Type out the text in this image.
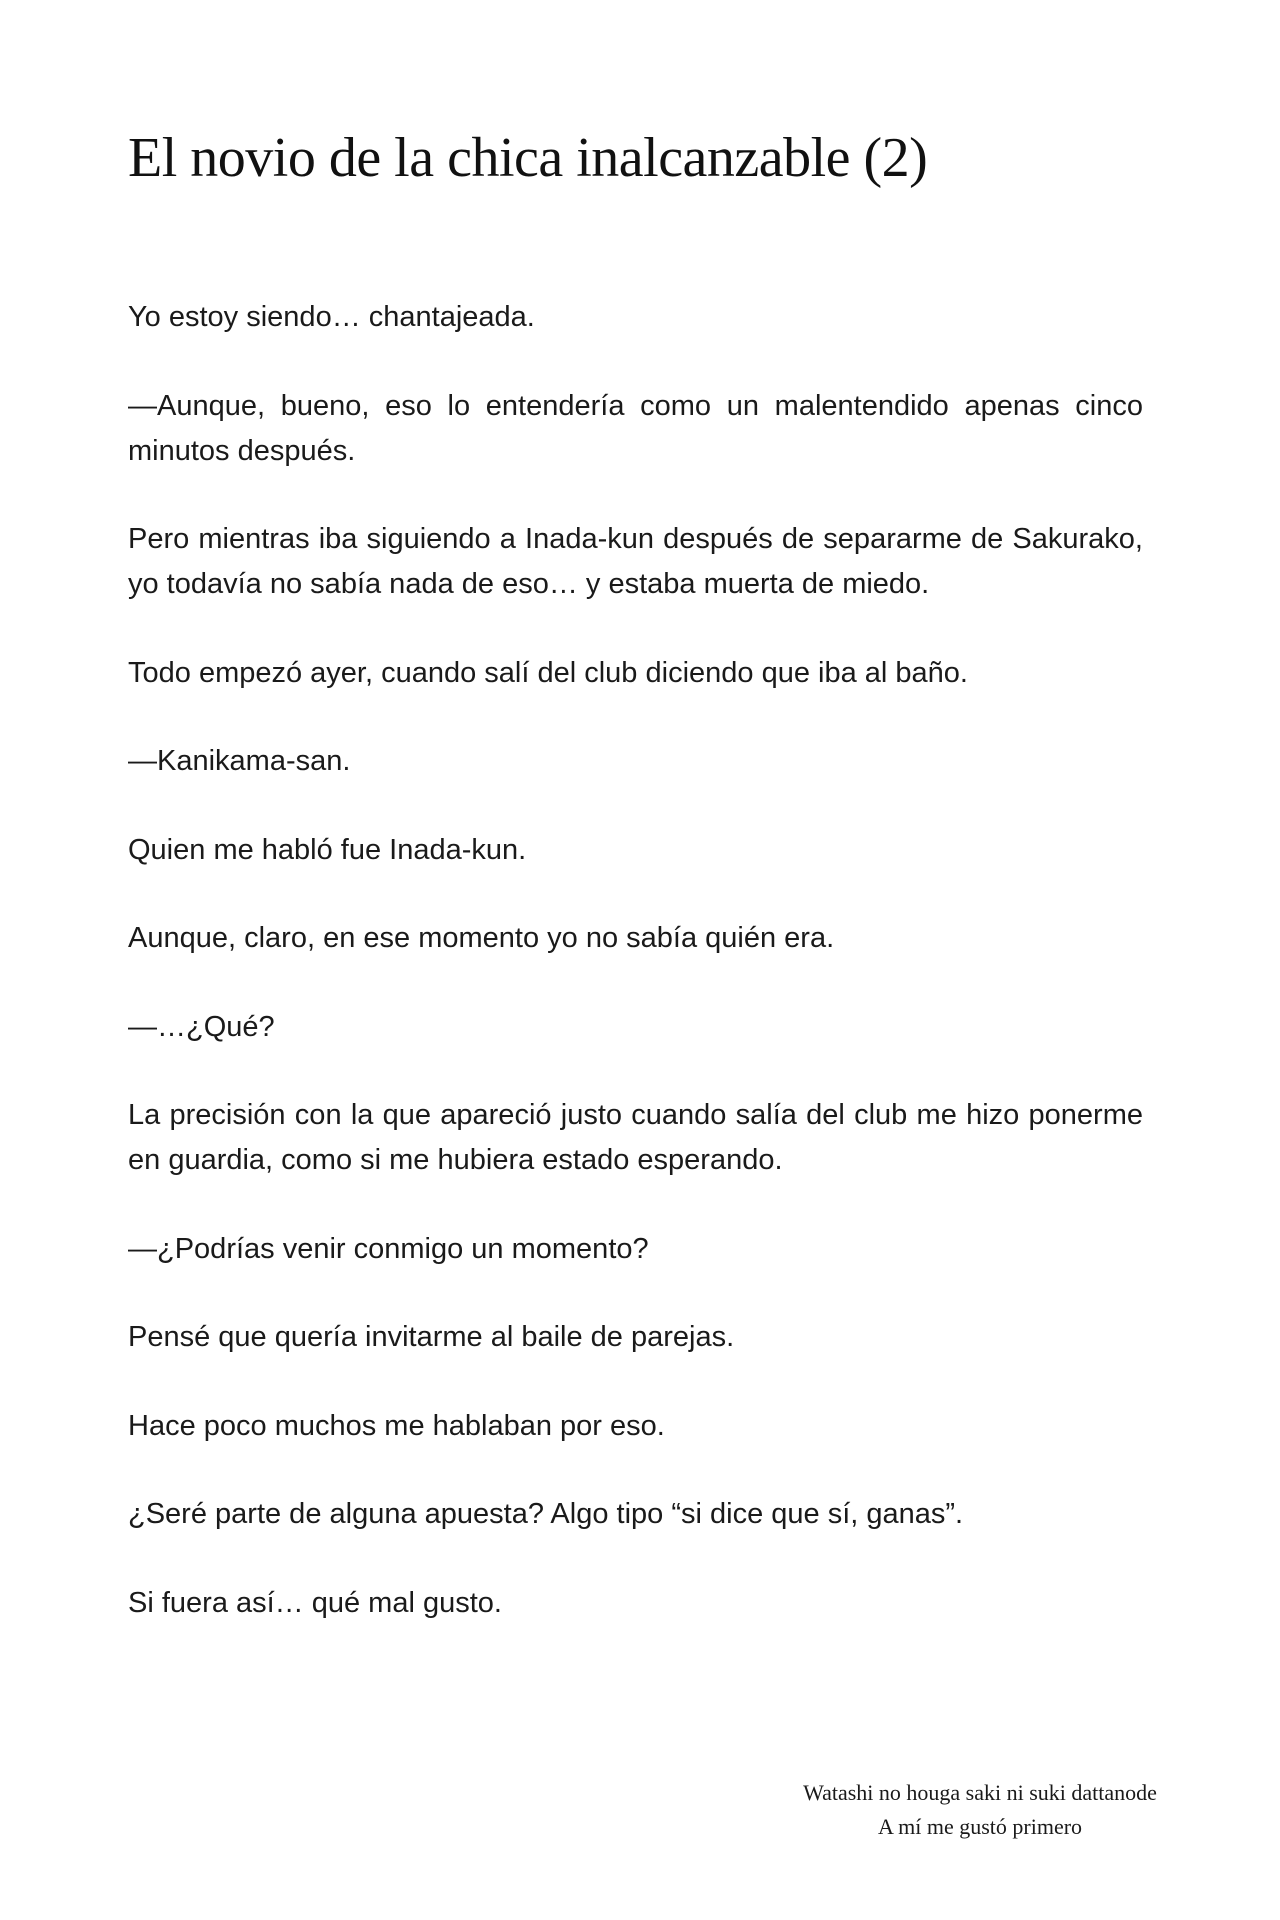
El novio de la chica inalcanzable (2)

Yo estoy siendo… chantajeada.

—Aunque, bueno, eso lo entendería como un malentendido apenas cinco minutos después.

Pero mientras iba siguiendo a Inada-kun después de separarme de Sakurako, yo todavía no sabía nada de eso… y estaba muerta de miedo.

Todo empezó ayer, cuando salí del club diciendo que iba al baño.

—Kanikama-san.

Quien me habló fue Inada-kun.

Aunque, claro, en ese momento yo no sabía quién era.

—…¿Qué?

La precisión con la que apareció justo cuando salía del club me hizo ponerme en guardia, como si me hubiera estado esperando.

—¿Podrías venir conmigo un momento?

Pensé que quería invitarme al baile de parejas.

Hace poco muchos me hablaban por eso.

¿Seré parte de alguna apuesta? Algo tipo “si dice que sí, ganas”.

Si fuera así… qué mal gusto.

Watashi no houga saki ni suki dattanode
A mí me gustó primero
